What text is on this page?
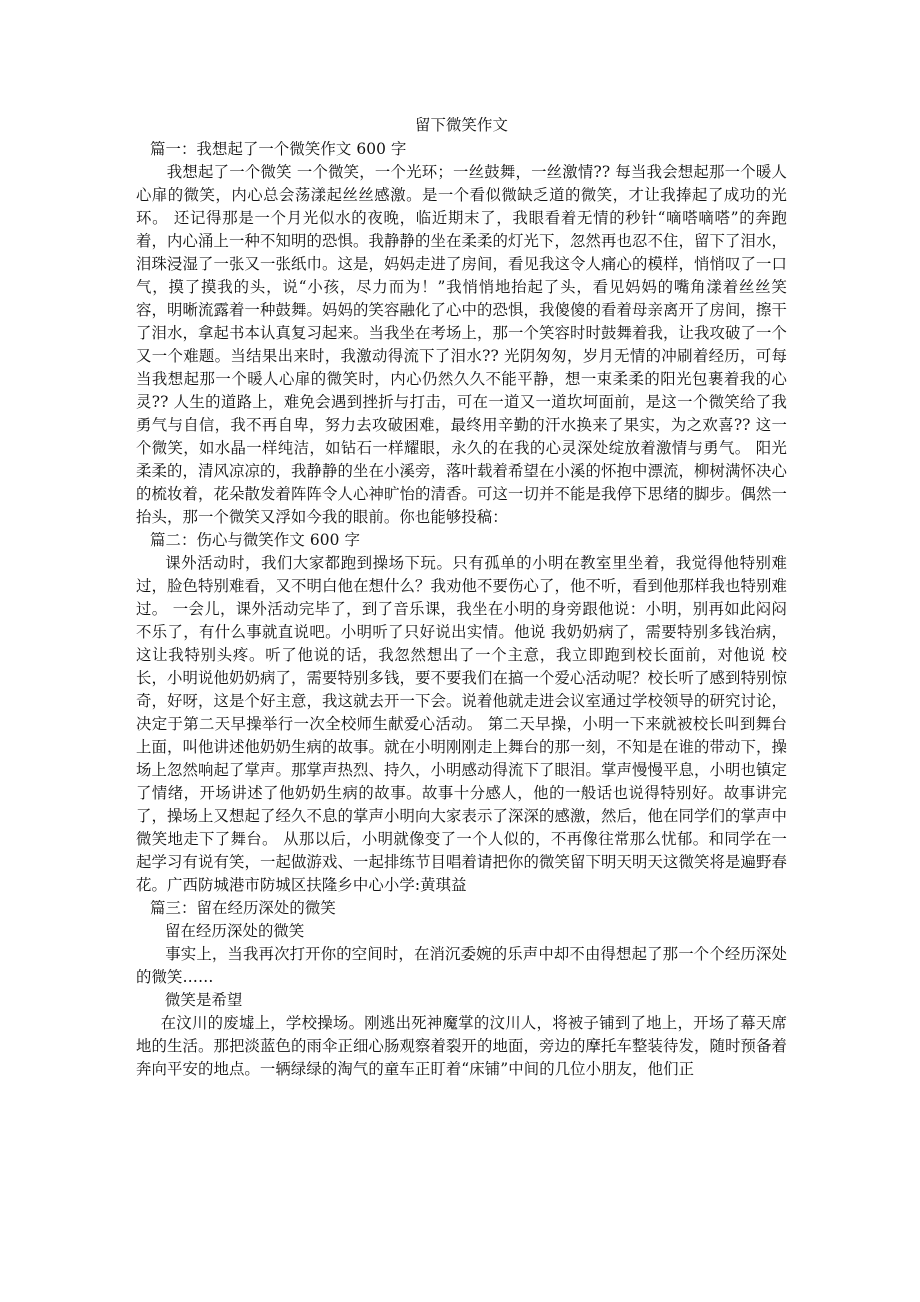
留下微笑作文
篇一：我想起了一个微笑作文 600 字

我想起了一个微笑 一个微笑，一个光环；一丝鼓舞，一丝激情?? 每当我会想起那一个暖人心扉的微笑，内心总会荡漾起丝丝感激。是一个看似微缺乏道的微笑，才让我捧起了成功的光环。 还记得那是一个月光似水的夜晚，临近期末了，我眼看着无情的秒针“嘀嗒嘀嗒”的奔跑着，内心涌上一种不知明的恐惧。我静静的坐在柔柔的灯光下，忽然再也忍不住，留下了泪水，泪珠浸湿了一张又一张纸巾。这是，妈妈走进了房间，看见我这令人痛心的模样，悄悄叹了一口气，摸了摸我的头，说“小孩，尽力而为！”我悄悄地抬起了头，看见妈妈的嘴角漾着丝丝笑容，明晰流露着一种鼓舞。妈妈的笑容融化了心中的恐惧，我傻傻的看着母亲离开了房间，擦干了泪水，拿起书本认真复习起来。当我坐在考场上，那一个笑容时时鼓舞着我，让我攻破了一个又一个难题。当结果出来时，我激动得流下了泪水?? 光阴匆匆，岁月无情的冲刷着经历，可每当我想起那一个暖人心扉的微笑时，内心仍然久久不能平静，想一束柔柔的阳光包裹着我的心灵?? 人生的道路上，难免会遇到挫折与打击，可在一道又一道坎坷面前，是这一个微笑给了我勇气与自信，我不再自卑，努力去攻破困难，最终用辛勤的汗水换来了果实，为之欢喜?? 这一个微笑，如水晶一样纯洁，如钻石一样耀眼，永久的在我的心灵深处绽放着激情与勇气。 阳光柔柔的，清风凉凉的，我静静的坐在小溪旁，落叶载着希望在小溪的怀抱中漂流，柳树满怀决心的梳妆着，花朵散发着阵阵令人心神旷怡的清香。可这一切并不能是我停下思绪的脚步。偶然一抬头，那一个微笑又浮如今我的眼前。你也能够投稿：

篇二：伤心与微笑作文 600 字

课外活动时，我们大家都跑到操场下玩。只有孤单的小明在教室里坐着，我觉得他特别难过，脸色特别难看，又不明白他在想什么？我劝他不要伤心了，他不听，看到他那样我也特别难过。 一会儿，课外活动完毕了，到了音乐课，我坐在小明的身旁跟他说：小明，别再如此闷闷不乐了，有什么事就直说吧。小明听了只好说出实情。他说 我奶奶病了，需要特别多钱治病，这让我特别头疼。听了他说的话，我忽然想出了一个主意，我立即跑到校长面前，对他说 校长，小明说他奶奶病了，需要特别多钱，要不要我们在搞一个爱心活动呢？校长听了感到特别惊奇，好呀，这是个好主意，我这就去开一下会。说着他就走进会议室通过学校领导的研究讨论，决定于第二天早操举行一次全校师生献爱心活动。 第二天早操，小明一下来就被校长叫到舞台上面，叫他讲述他奶奶生病的故事。就在小明刚刚走上舞台的那一刻，不知是在谁的带动下，操场上忽然响起了掌声。那掌声热烈、持久，小明感动得流下了眼泪。掌声慢慢平息，小明也镇定了情绪，开场讲述了他奶奶生病的故事。故事十分感人，他的一般话也说得特别好。故事讲完了，操场上又想起了经久不息的掌声小明向大家表示了深深的感激，然后，他在同学们的掌声中微笑地走下了舞台。 从那以后，小明就像变了一个人似的，不再像往常那么忧郁。和同学在一起学习有说有笑，一起做游戏、一起排练节目唱着请把你的微笑留下明天明天这微笑将是遍野春花。广西防城港市防城区扶隆乡中心小学:黄琪益

篇三：留在经历深处的微笑
留在经历深处的微笑

事实上，当我再次打开你的空间时，在消沉委婉的乐声中却不由得想起了那一个个经历深处的微笑……

微笑是希望

在汶川的废墟上，学校操场。刚逃出死神魔掌的汶川人，将被子铺到了地上，开场了幕天席地的生活。那把淡蓝色的雨伞正细心肠观察着裂开的地面，旁边的摩托车整装待发，随时预备着奔向平安的地点。一辆绿绿的淘气的童车正盯着“床铺”中间的几位小朋友，他们正
